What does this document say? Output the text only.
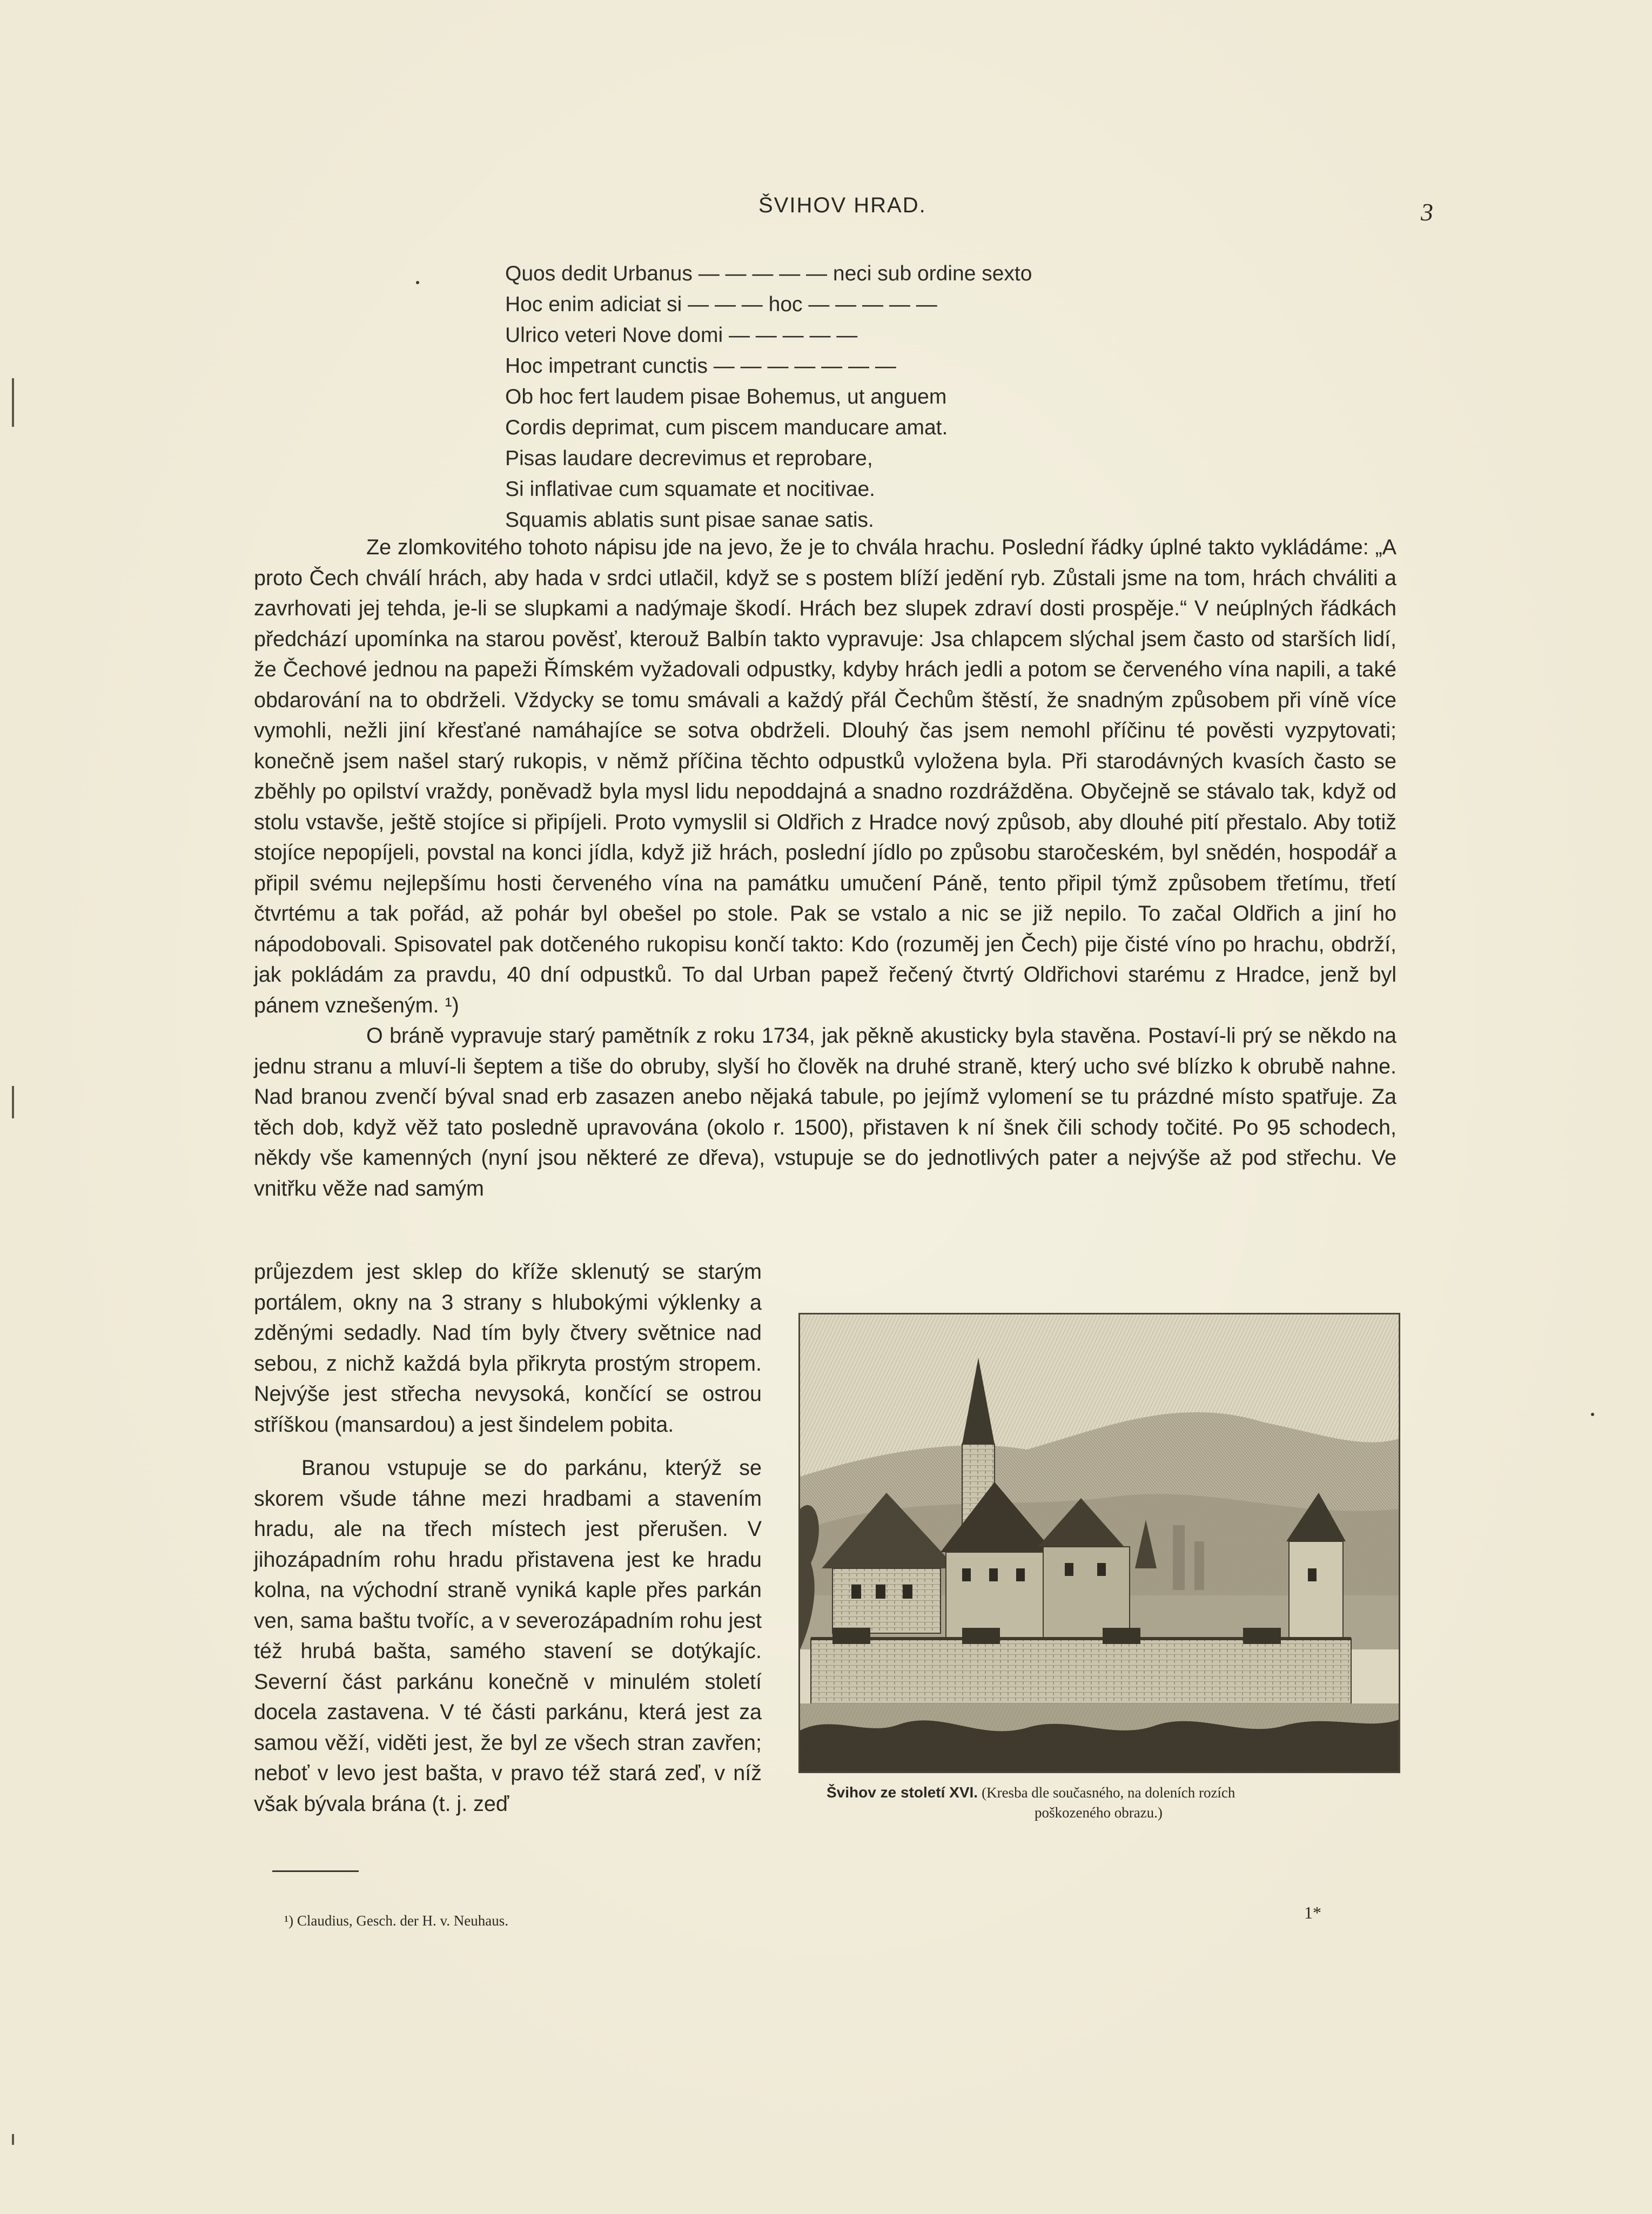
ŠVIHOV HRAD.	3
Quos dedit Urbanus — — — — — neci sub ordine sexto
Hoc enim adiciat si — — — hoc — — — — —
Ulrico veteri Nove domi — — — — —
Hoc impetrant cunctis — — — — — — —
Ob hoc fert laudem pisae Bohemus, ut anguem
Cordis deprimat, cum piscem manducare amat.
Pisas laudare decrevimus et reprobare,
Si inflativae cum squamate et nocitivae.
Squamis ablatis sunt pisae sanae satis.

Ze zlomkovitého tohoto nápisu jde na jevo, že je to chvála hrachu. Poslední řádky úplné takto vykládáme: „A proto Čech chválí hrách, aby hada v srdci utlačil, když se s postem blíží jedění ryb. Zůstali jsme na tom, hrách chváliti a zavrhovati jej tehda, je-li se slupkami a nadýmaje škodí. Hrách bez slupek zdraví dosti prospěje.“ V neúplných řádkách předchází upomínka na starou pověsť, kterouž Balbín takto vypravuje: Jsa chlapcem slýchal jsem často od starších lidí, že Čechové jednou na papeži Římském vyžadovali odpustky, kdyby hrách jedli a potom se červeného vína napili, a také obdarování na to obdrželi. Vždycky se tomu smávali a každý přál Čechům štěstí, že snadným způsobem při víně více vymohli, nežli jiní křesťané namáhajíce se sotva obdrželi. Dlouhý čas jsem nemohl příčinu té pověsti vyzpytovati; konečně jsem našel starý rukopis, v němž příčina těchto odpustků vyložena byla. Při starodávných kvasích často se zběhly po opilství vraždy, poněvadž byla mysl lidu nepoddajná a snadno rozdrážděna. Obyčejně se stávalo tak, když od stolu vstavše, ještě stojíce si připíjeli. Proto vymyslil si Oldřich z Hradce nový způsob, aby dlouhé pití přestalo. Aby totiž stojíce nepopíjeli, povstal na konci jídla, když již hrách, poslední jídlo po způsobu staročeském, byl snědén, hospodář a připil svému nejlepšímu hosti červeného vína na památku umučení Páně, tento připil týmž způsobem třetímu, třetí čtvrtému a tak pořád, až pohár byl obešel po stole. Pak se vstalo a nic se již nepilo. To začal Oldřich a jiní ho nápodobovali. Spisovatel pak dotčeného rukopisu končí takto: Kdo (rozuměj jen Čech) pije čisté víno po hrachu, obdrží, jak pokládám za pravdu, 40 dní odpustků. To dal Urban papež řečený čtvrtý Oldřichovi starému z Hradce, jenž byl pánem vznešeným. ¹)

O bráně vypravuje starý pamětník z roku 1734, jak pěkně akusticky byla stavěna. Postaví-li prý se někdo na jednu stranu a mluví-li šeptem a tiše do obruby, slyší ho člověk na druhé straně, který ucho své blízko k obrubě nahne. Nad branou zvenčí býval snad erb zasazen anebo nějaká tabule, po jejímž vylomení se tu prázdné místo spatřuje. Za těch dob, když věž tato posledně upravována (okolo r. 1500), přistaven k ní šnek čili schody točité. Po 95 schodech, někdy vše kamenných (nyní jsou některé ze dřeva), vstupuje se do jednotlivých pater a nejvýše až pod střechu. Ve vnitřku věže nad samým

průjezdem jest sklep do kříže sklenutý se starým portálem, okny na 3 strany s hlubokými výklenky a zděnými sedadly. Nad tím byly čtvery světnice nad sebou, z nichž každá byla přikryta prostým stropem. Nejvýše jest střecha nevysoká, končící se ostrou stříškou (mansardou) a jest šindelem pobita.

Branou vstupuje se do parkánu, kterýž se skorem všude táhne mezi hradbami a stavením hradu, ale na třech místech jest přerušen. V jihozápadním rohu hradu přistavena jest ke hradu kolna, na východní straně vyniká kaple přes parkán ven, sama baštu tvoříc, a v severozápadním rohu jest též hrubá bašta, samého stavení se dotýkajíc. Severní část parkánu konečně v minulém století docela zastavena. V té části parkánu, která jest za samou věží, viděti jest, že byl ze všech stran zavřen; neboť v levo jest bašta, v pravo též stará zeď, v níž však bývala brána (t. j. zeď	Švihov ze století XVI. (Kresba dle současného, na doleních rozích
poškozeného obrazu.)
¹) Claudius, Gesch. der H. v. Neuhaus.	1*
